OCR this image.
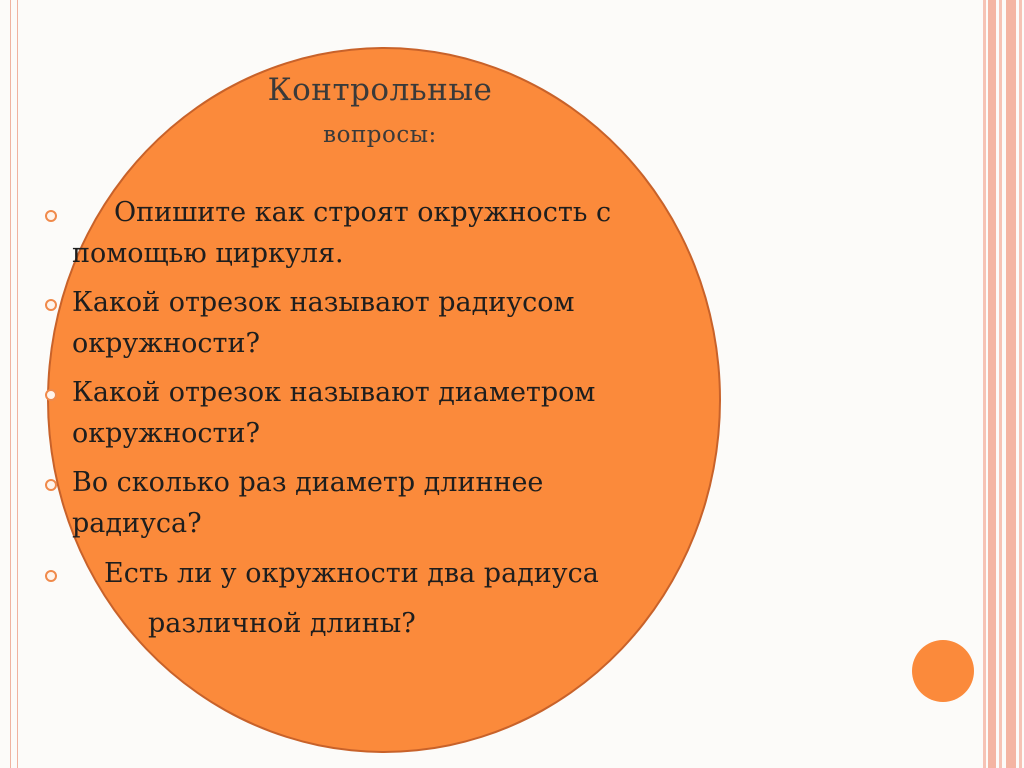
Контрольные
вопросы:
Опишите как строят окружность с
помощью циркуля.
Какой отрезок называют радиусом
окружности?
Какой отрезок называют диаметром
окружности?
Во сколько раз диаметр длиннее
радиуса?
Есть ли у окружности два радиуса
различной длины?
